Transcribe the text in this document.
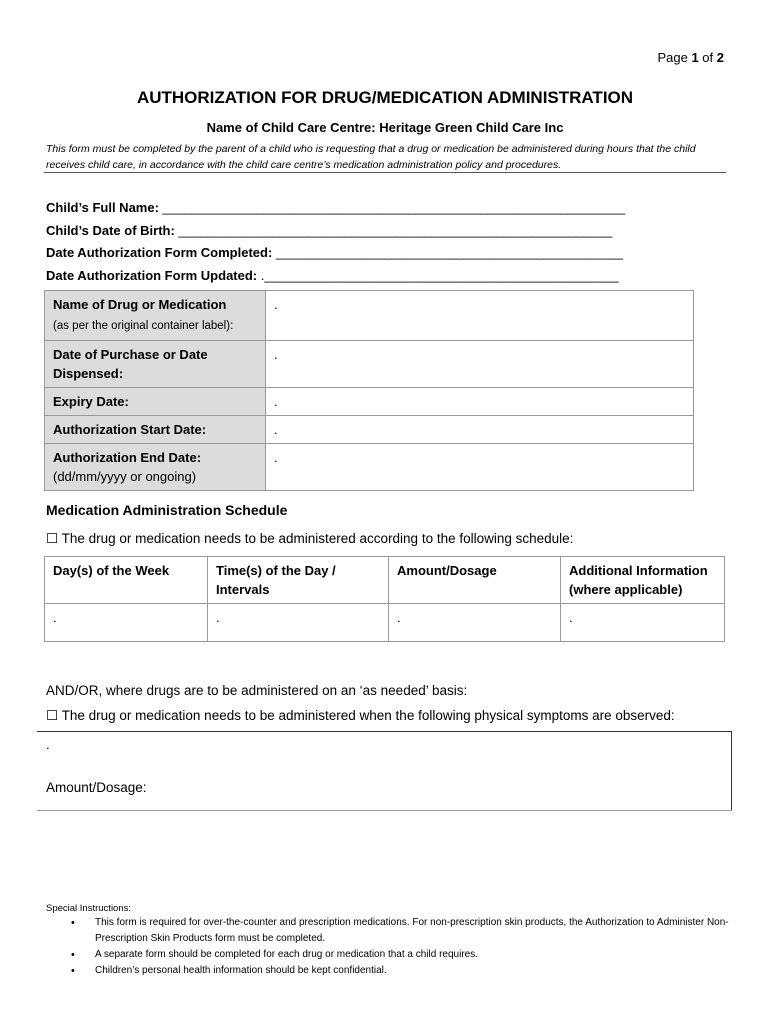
Page 1 of 2
AUTHORIZATION FOR DRUG/MEDICATION ADMINISTRATION
Name of Child Care Centre: Heritage Green Child Care Inc
This form must be completed by the parent of a child who is requesting that a drug or medication be administered during hours that the child receives child care, in accordance with the child care centre’s medication administration policy and procedures.
Child’s Full Name: ________________________________________________________________
Child’s Date of Birth: ____________________________________________________________
Date Authorization Form Completed: ________________________________________________
Date Authorization Form Updated: ._________________________________________________
Name of Drug or Medication
(as per the original container label):	.
Date of Purchase or Date Dispensed:	.
Expiry Date:	.
Authorization Start Date:	.
Authorization End Date:
(dd/mm/yyyy or ongoing)	.
Medication Administration Schedule
☐ The drug or medication needs to be administered according to the following schedule:
Day(s) of the Week	Time(s) of the Day / Intervals	Amount/Dosage	Additional Information (where applicable)
.	.	.	.
AND/OR, where drugs are to be administered on an ‘as needed’ basis:
☐ The drug or medication needs to be administered when the following physical symptoms are observed:
.
Amount/Dosage:
Special Instructions:
• This form is required for over-the-counter and prescription medications. For non-prescription skin products, the Authorization to Administer Non-Prescription Skin Products form must be completed.
• A separate form should be completed for each drug or medication that a child requires.
• Children’s personal health information should be kept confidential.
